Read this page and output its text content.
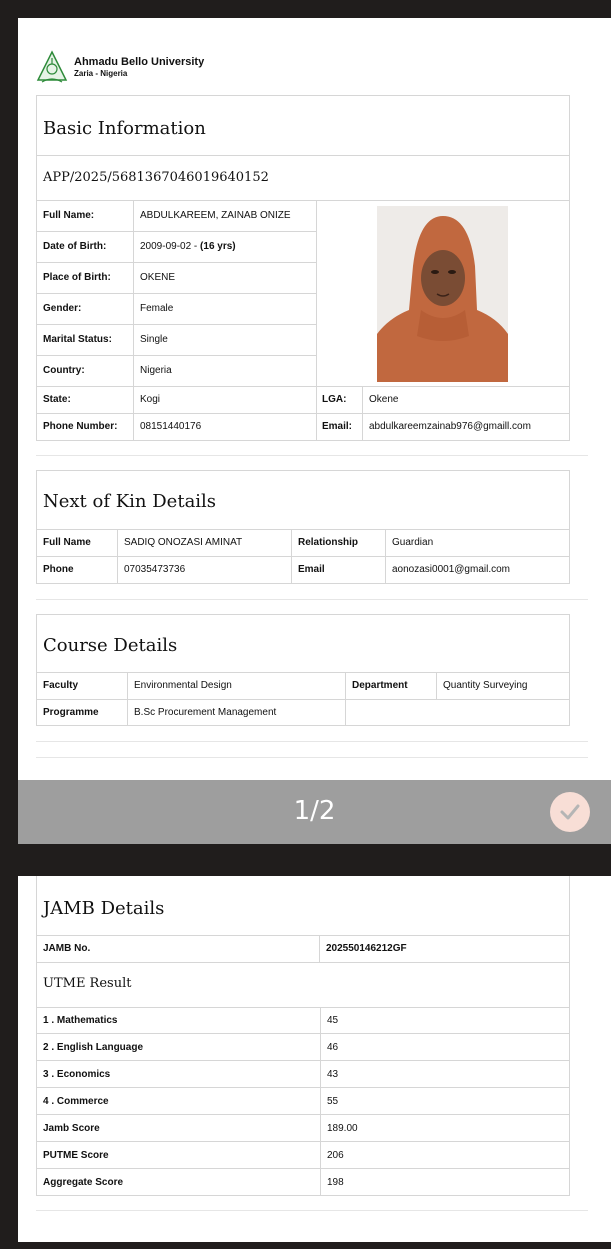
Ahmadu Bello University
Zaria - Nigeria
Basic Information
APP/2025/5681367046019640152
Full Name:	ABDULKAREEM, ZAINAB ONIZE
Date of Birth:	2009-09-02 - (16 yrs)
Place of Birth:	OKENE
Gender:	Female
Marital Status:	Single
Country:	Nigeria
State:	Kogi	LGA:	Okene
Phone Number:	08151440176	Email:	abdulkareemzainab976@gmaill.com
Next of Kin Details
Full Name	SADIQ ONOZASI AMINAT	Relationship	Guardian
Phone	07035473736	Email	aonozasi0001@gmail.com
Course Details
Faculty	Environmental Design	Department	Quantity Surveying
Programme	B.Sc Procurement Management
1/2
JAMB Details
JAMB No.	202550146212GF
UTME Result
1 . Mathematics	45
2 . English Language	46
3 . Economics	43
4 . Commerce	55
Jamb Score	189.00
PUTME Score	206
Aggregate Score	198
